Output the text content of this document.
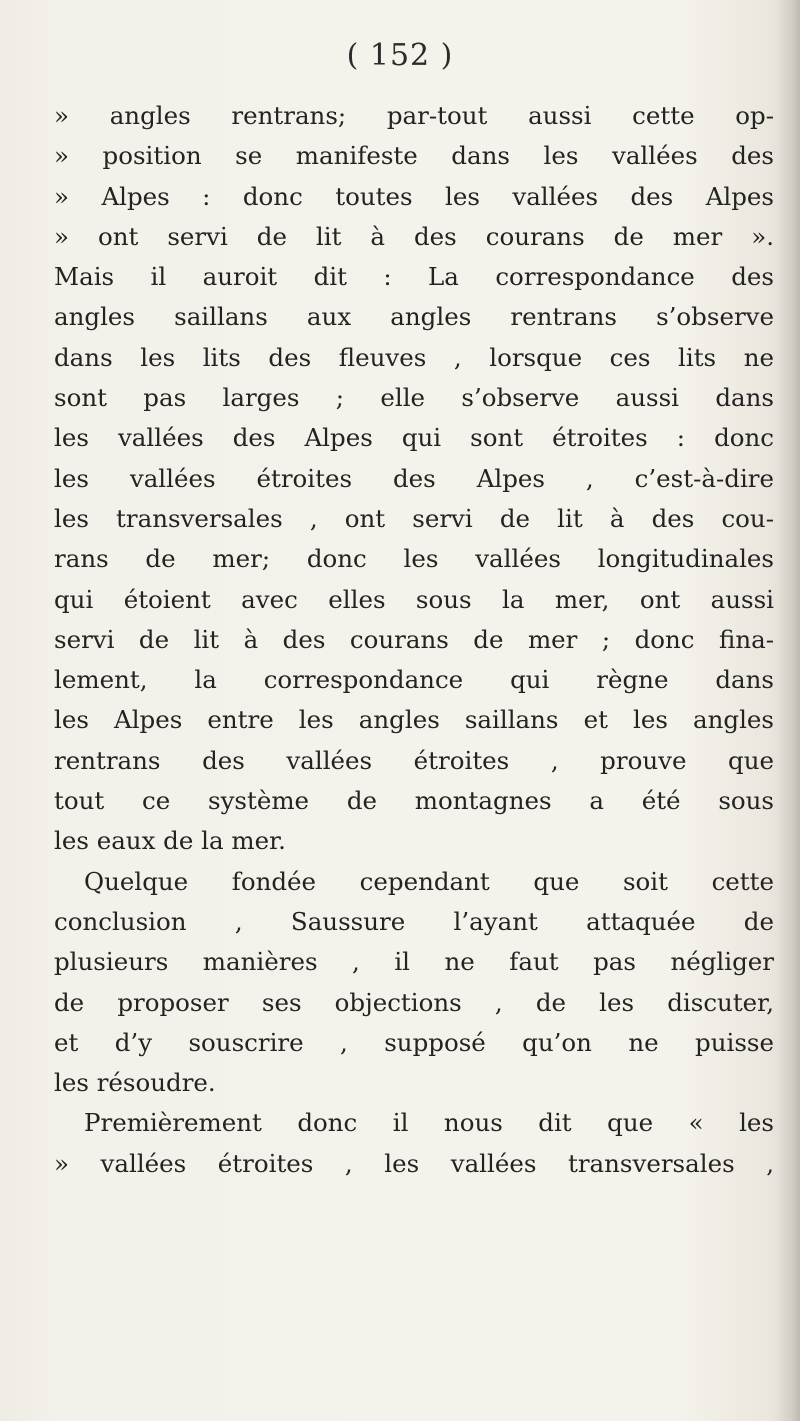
( 152 )
» angles rentrans; par-tout aussi cette op-
» position se manifeste dans les vallées des
» Alpes : donc toutes les vallées des Alpes
» ont servi de lit à des courans de mer ».
Mais il auroit dit : La correspondance des
angles saillans aux angles rentrans s’observe
dans les lits des fleuves , lorsque ces lits ne
sont pas larges ; elle s’observe aussi dans
les vallées des Alpes qui sont étroites : donc
les vallées étroites des Alpes , c’est-à-dire
les transversales , ont servi de lit à des cou-
rans de mer; donc les vallées longitudinales
qui étoient avec elles sous la mer, ont aussi
servi de lit à des courans de mer ; donc fina-
lement, la correspondance qui règne dans
les Alpes entre les angles saillans et les angles
rentrans des vallées étroites , prouve que
tout ce système de montagnes a été sous
les eaux de la mer.
Quelque fondée cependant que soit cette
conclusion , Saussure l’ayant attaquée de
plusieurs manières , il ne faut pas négliger
de proposer ses objections , de les discuter,
et d’y souscrire , supposé qu’on ne puisse
les résoudre.
Premièrement donc il nous dit que « les
» vallées étroites , les vallées transversales ,
